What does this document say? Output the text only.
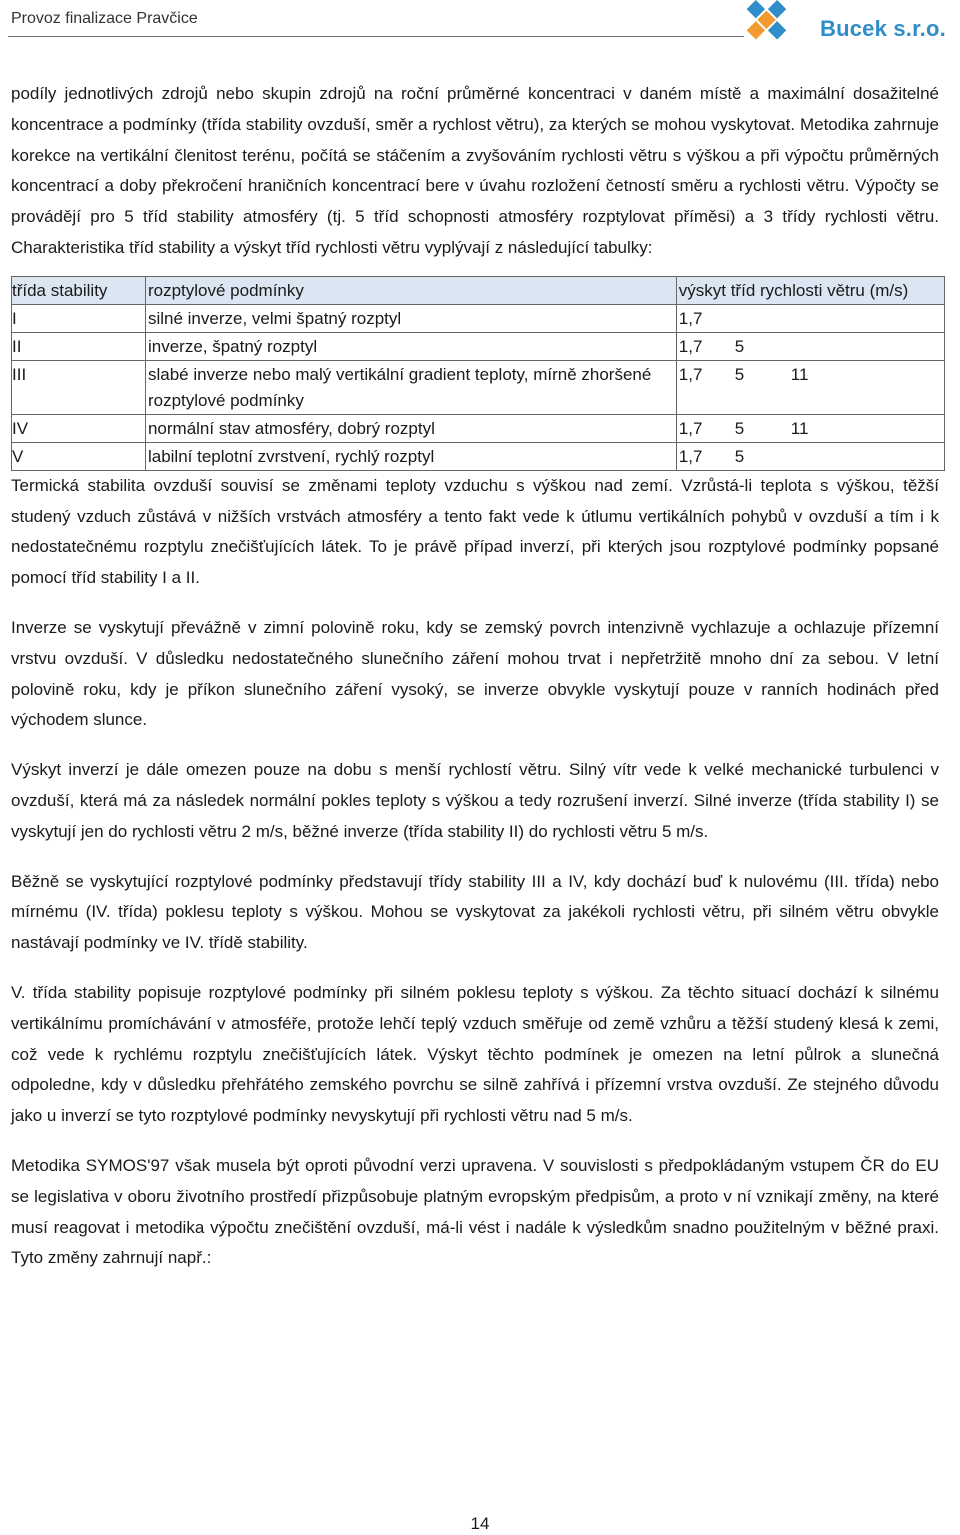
Provoz finalizace Pravčice	Bucek s.r.o.

podíly jednotlivých zdrojů nebo skupin zdrojů na roční průměrné koncentraci v daném místě a maximální dosažitelné koncentrace a podmínky (třída stability ovzduší, směr a rychlost větru), za kterých se mohou vyskytovat. Metodika zahrnuje korekce na vertikální členitost terénu, počítá se stáčením a zvyšováním rychlosti větru s výškou a při výpočtu průměrných koncentrací a doby překročení hraničních koncentrací bere v úvahu rozložení četností směru a rychlosti větru. Výpočty se provádějí pro 5 tříd stability atmosféry (tj. 5 tříd schopnosti atmosféry rozptylovat příměsi) a 3 třídy rychlosti větru. Charakteristika tříd stability a výskyt tříd rychlosti větru vyplývají z následující tabulky:

třída stability	rozptylové podmínky	výskyt tříd rychlosti větru (m/s)
I	silné inverze, velmi špatný rozptyl	1,7
II	inverze, špatný rozptyl	1,7 5
III	slabé inverze nebo malý vertikální gradient teploty, mírně zhoršené rozptylové podmínky	1,7 5 11
IV	normální stav atmosféry, dobrý rozptyl	1,7 5 11
V	labilní teplotní zvrstvení, rychlý rozptyl	1,7 5

Termická stabilita ovzduší souvisí se změnami teploty vzduchu s výškou nad zemí. Vzrůstá-li teplota s výškou, těžší studený vzduch zůstává v nižších vrstvách atmosféry a tento fakt vede k útlumu vertikálních pohybů v ovzduší a tím i k nedostatečnému rozptylu znečišťujících látek. To je právě případ inverzí, při kterých jsou rozptylové podmínky popsané pomocí tříd stability I a II.

Inverze se vyskytují převážně v zimní polovině roku, kdy se zemský povrch intenzivně vychlazuje a ochlazuje přízemní vrstvu ovzduší. V důsledku nedostatečného slunečního záření mohou trvat i nepřetržitě mnoho dní za sebou. V letní polovině roku, kdy je příkon slunečního záření vysoký, se inverze obvykle vyskytují pouze v ranních hodinách před východem slunce.

Výskyt inverzí je dále omezen pouze na dobu s menší rychlostí větru. Silný vítr vede k velké mechanické turbulenci v ovzduší, která má za následek normální pokles teploty s výškou a tedy rozrušení inverzí. Silné inverze (třída stability I) se vyskytují jen do rychlosti větru 2 m/s, běžné inverze (třída stability II) do rychlosti větru 5 m/s.

Běžně se vyskytující rozptylové podmínky představují třídy stability III a IV, kdy dochází buď k nulovému (III. třída) nebo mírnému (IV. třída) poklesu teploty s výškou. Mohou se vyskytovat za jakékoli rychlosti větru, při silném větru obvykle nastávají podmínky ve IV. třídě stability.

V. třída stability popisuje rozptylové podmínky při silném poklesu teploty s výškou. Za těchto situací dochází k silnému vertikálnímu promíchávání v atmosféře, protože lehčí teplý vzduch směřuje od země vzhůru a těžší studený klesá k zemi, což vede k rychlému rozptylu znečišťujících látek. Výskyt těchto podmínek je omezen na letní půlrok a slunečná odpoledne, kdy v důsledku přehřátého zemského povrchu se silně zahřívá i přízemní vrstva ovzduší. Ze stejného důvodu jako u inverzí se tyto rozptylové podmínky nevyskytují při rychlosti větru nad 5 m/s.

Metodika SYMOS'97 však musela být oproti původní verzi upravena. V souvislosti s předpokládaným vstupem ČR do EU se legislativa v oboru životního prostředí přizpůsobuje platným evropským předpisům, a proto v ní vznikají změny, na které musí reagovat i metodika výpočtu znečištění ovzduší, má-li vést i nadále k výsledkům snadno použitelným v běžné praxi. Tyto změny zahrnují např.:

14
